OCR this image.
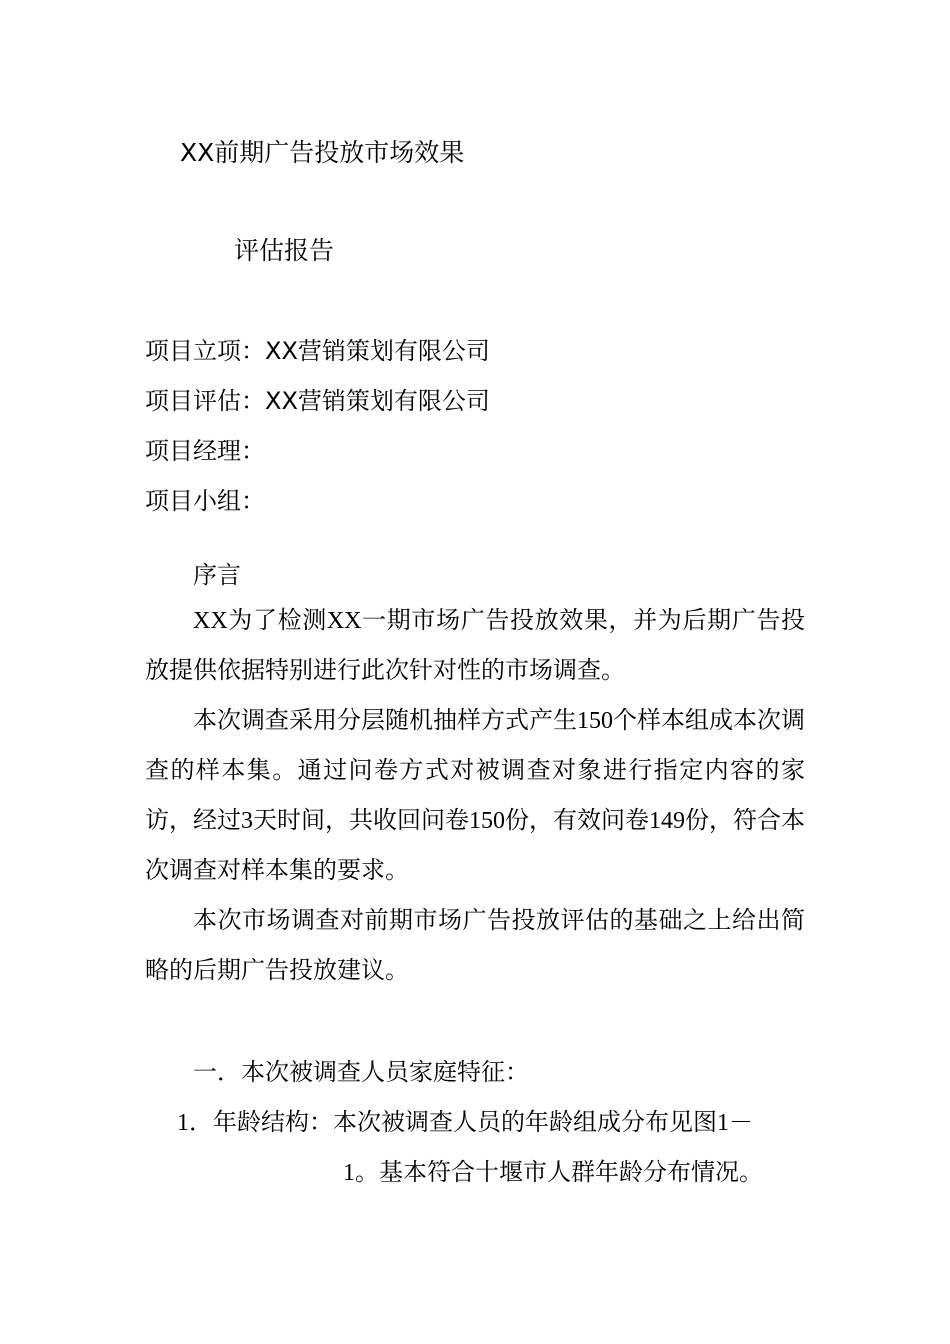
XX前期广告投放市场效果
评估报告
项目立项：XX营销策划有限公司
项目评估：XX营销策划有限公司
项目经理：
项目小组：
序言

XX为了检测XX一期市场广告投放效果，并为后期广告投放提供依据特别进行此次针对性的市场调查。

本次调查采用分层随机抽样方式产生150个样本组成本次调查的样本集。通过问卷方式对被调查对象进行指定内容的家访，经过3天时间，共收回问卷150份，有效问卷149份，符合本次调查对样本集的要求。

本次市场调查对前期市场广告投放评估的基础之上给出简略的后期广告投放建议。

一．本次被调查人员家庭特征：
1．年龄结构：本次被调查人员的年龄组成分布见图1－
1。基本符合十堰市人群年龄分布情况。
